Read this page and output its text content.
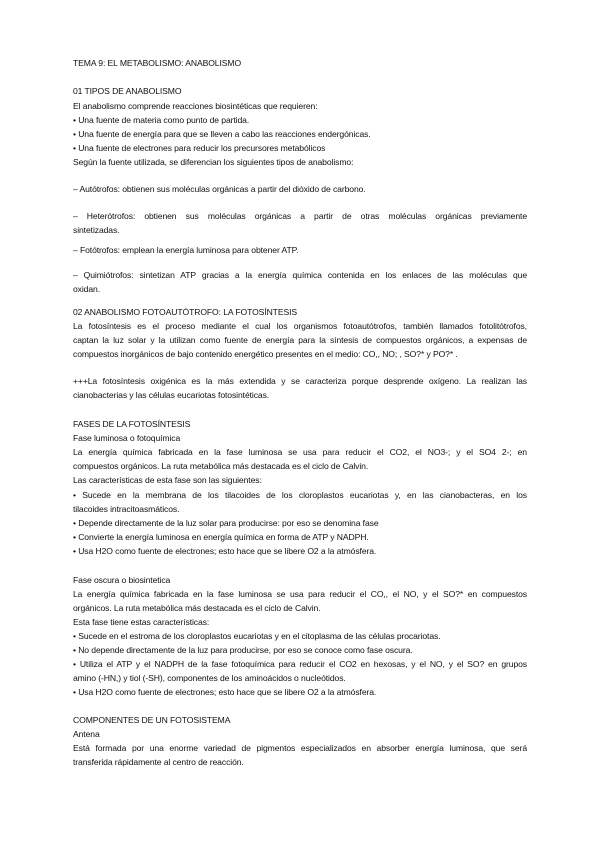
TEMA 9: EL METABOLISMO: ANABOLISMO
01 TIPOS DE ANABOLISMO
El anabolismo comprende reacciones biosintéticas que requieren:
• Una fuente de materia como punto de partida.
• Una fuente de energía para que se lleven a cabo las reacciones endergónicas.
• Una fuente de electrones para reducir los precursores metabólicos
Según la fuente utilizada, se diferencian los siguientes tipos de anabolismo:
– Autótrofos: obtienen sus moléculas orgánicas a partir del dióxido de carbono.
– Heterótrofos: obtienen sus moléculas orgánicas a partir de otras moléculas orgánicas previamente
sintetizadas.
– Fotótrofos: emplean la energía luminosa para obtener ATP.
– Quimiótrofos: sintetizan ATP gracias a la energía química contenida en los enlaces de las moléculas que
oxidan.
02 ANABOLISMO FOTOAUTÓTROFO: LA FOTOSÍNTESIS
La fotosíntesis es el proceso mediante el cual los organismos fotoautótrofos, también llamados fotolitótrofos,
captan la luz solar y la utilizan como fuente de energía para la síntesis de compuestos orgánicos, a expensas de
compuestos inorgánicos de bajo contenido energético presentes en el medio: CO,, NO; , SO?* y PO?* .
+++La fotosíntesis oxigénica es la más extendida y se caracteriza porque desprende oxígeno. La realizan las
cianobacterias y las células eucariotas fotosintéticas.
FASES DE LA FOTOSÍNTESIS
Fase luminosa o fotoquímica
La energía química fabricada en la fase luminosa se usa para reducir el CO2, el NO3-; y el SO4 2-; en
compuestos orgánicos. La ruta metabólica más destacada es el ciclo de Calvin.
Las características de esta fase son las siguientes:
• Sucede en la membrana de los tilacoides de los cloroplastos eucariotas y, en las cianobacteras, en los
tilacoides intracitoasmáticos.
• Depende directamente de la luz solar para producirse: por eso se denomina fase
• Convierte la energía luminosa en energía química en forma de ATP y NADPH.
• Usa H2O como fuente de electrones; esto hace que se libere O2 a la atmósfera.
Fase oscura o biosintetica
La energía química fabricada en la fase luminosa se usa para reducir el CO,, el NO, y el SO?* en compuestos
orgánicos. La ruta metabólica más destacada es el ciclo de Calvin.
Esta fase tiene estas características:
• Sucede en el estroma de los cloroplastos eucariotas y en el citoplasma de las células procariotas.
• No depende directamente de la luz para producirse, por eso se conoce como fase oscura.
• Utiliza el ATP y el NADPH de la fase fotoquímica para reducir el CO2 en hexosas, y el NO, y el SO? en grupos
amino (-HN,) y tiol (-SH), componentes de los aminoácidos o nucleótidos.
• Usa H2O como fuente de electrones; esto hace que se libere O2 a la atmósfera.
COMPONENTES DE UN FOTOSISTEMA
Antena
Está formada por una enorme variedad de pigmentos especializados en absorber energía luminosa, que será
transferida rápidamente al centro de reacción.
